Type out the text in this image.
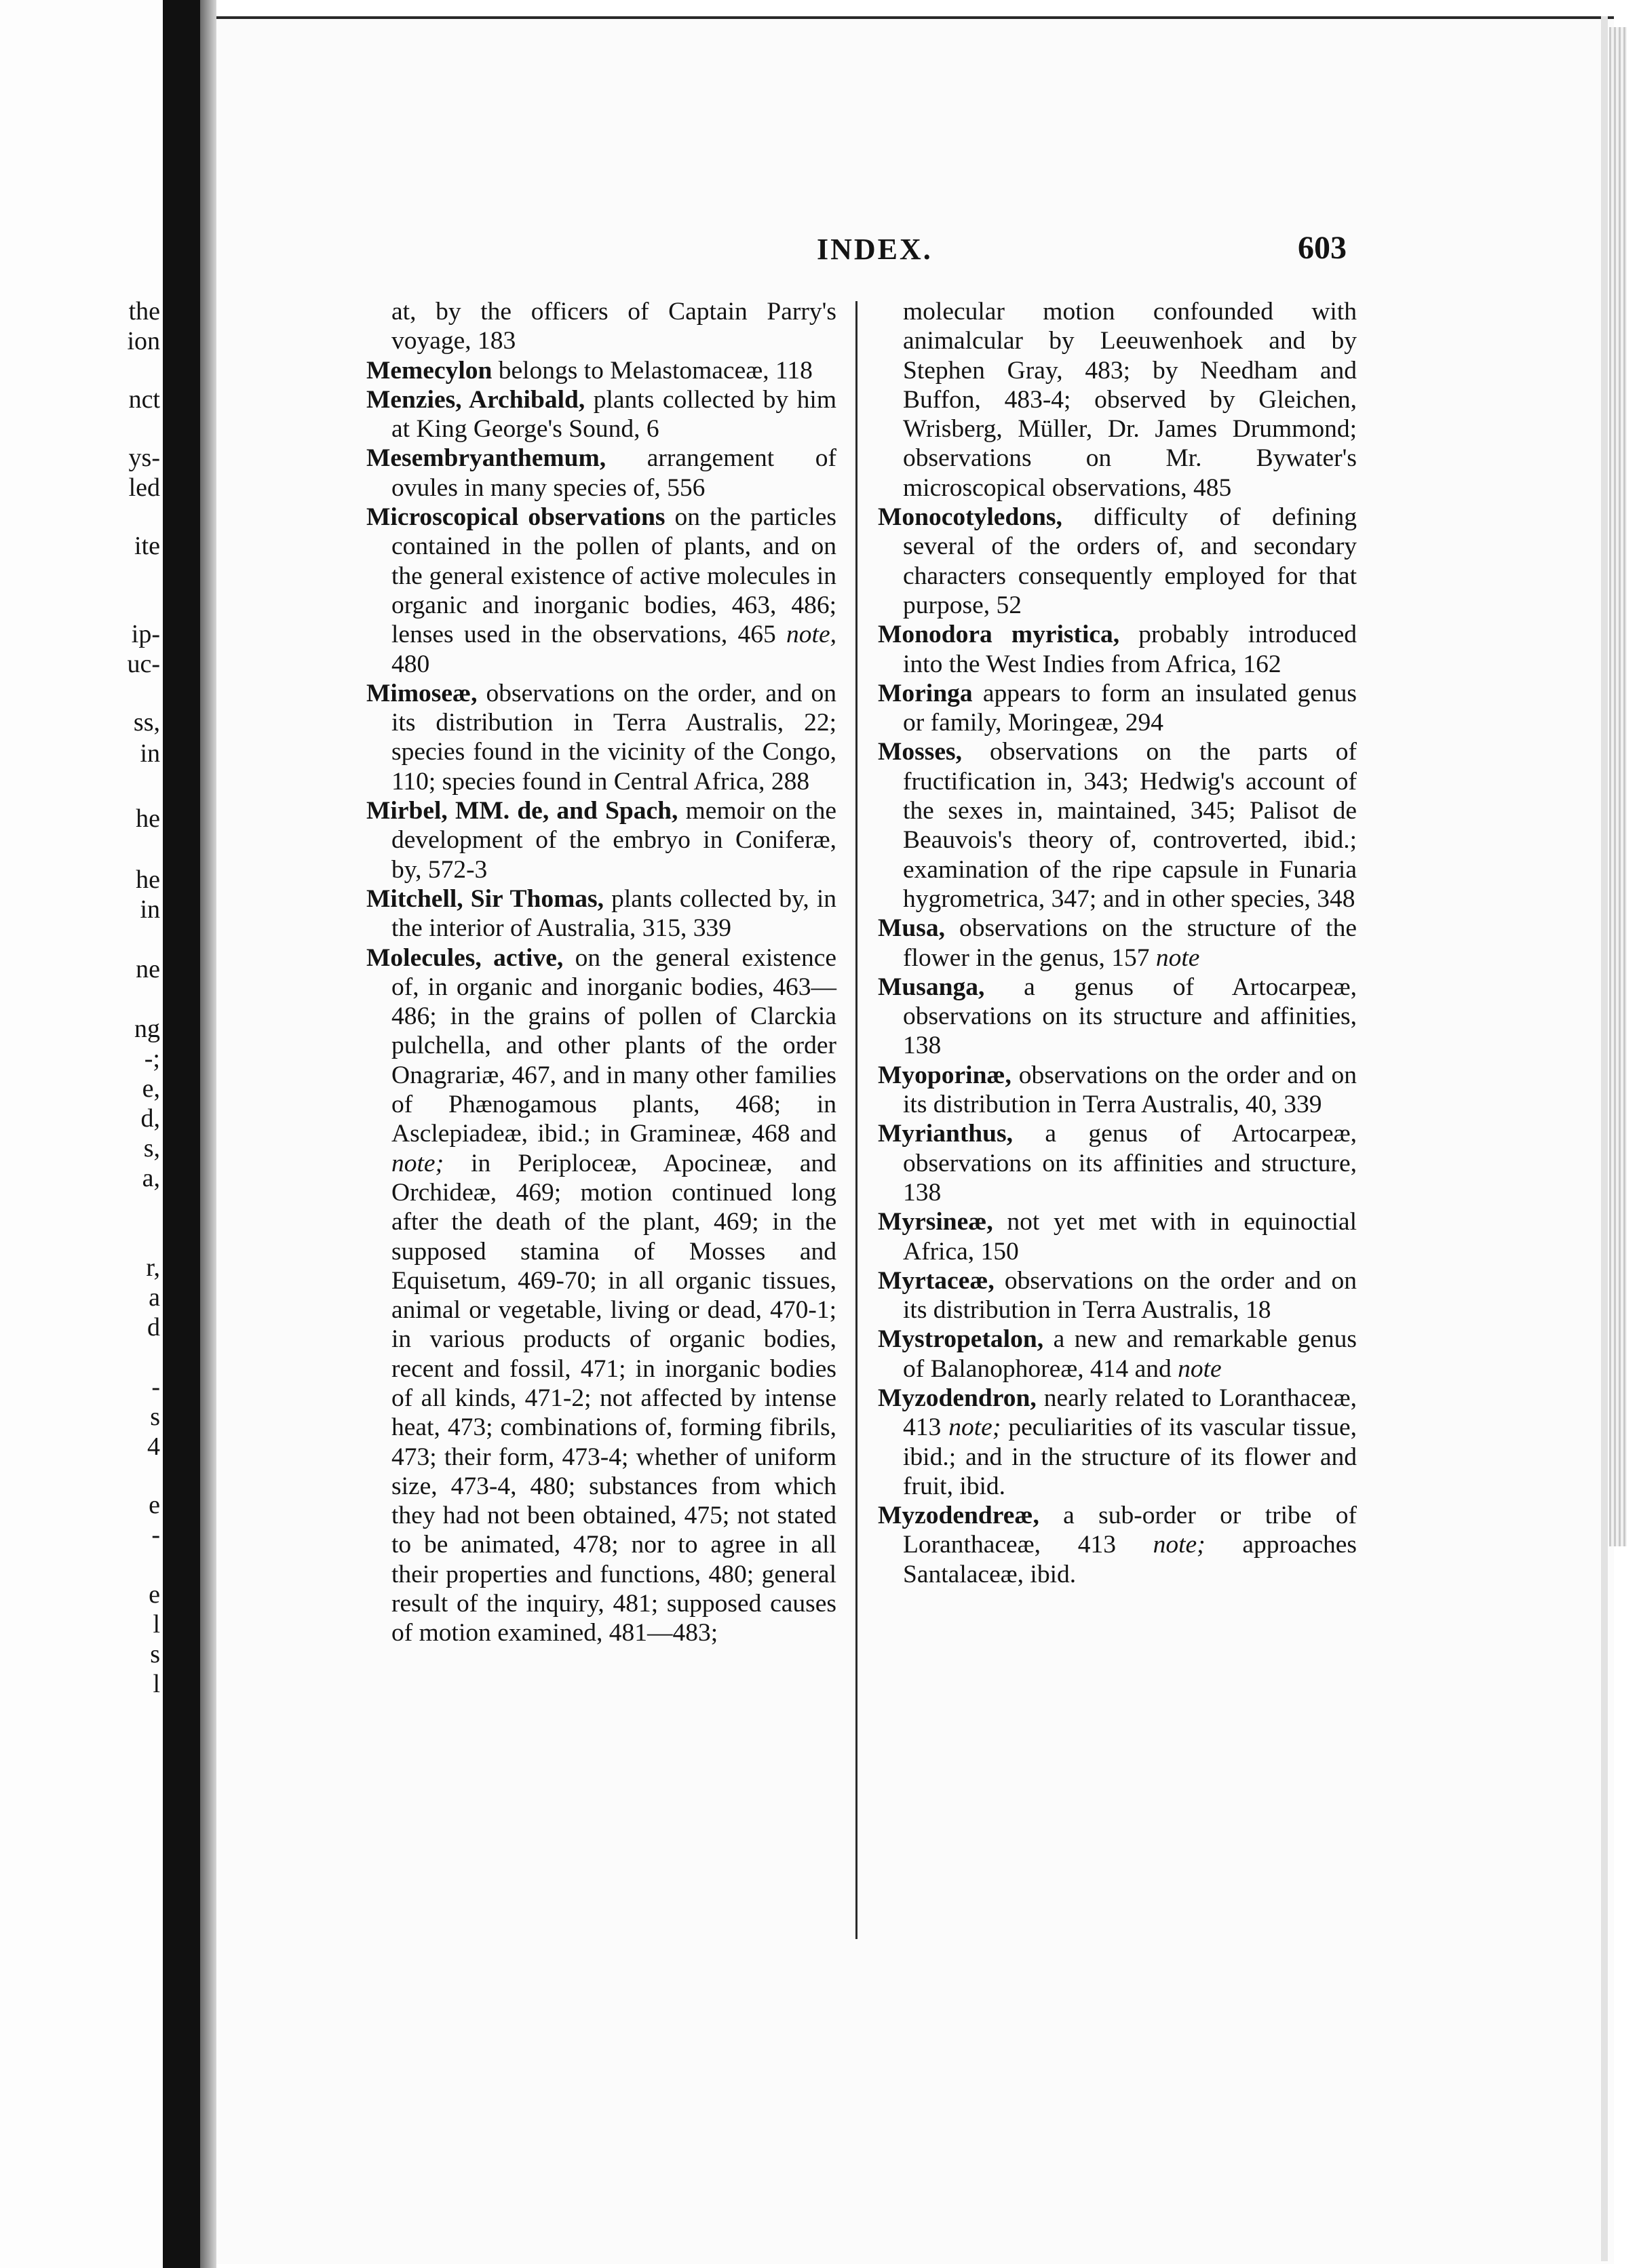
the
ion
nct
ys-
led
ite
ip-
uc-
ss,
in
he
he
in
ne
ng
-;
e,
d,
s,
a,
r,
a
d
-
s
4
e
-
e
l
s
l
INDEX.	603

at, by the officers of Captain Parry's voyage, 183

Memecylon belongs to Melastomaceæ, 118

Menzies, Archibald, plants collected by him at King George's Sound, 6

Mesembryanthemum, arrangement of ovules in many species of, 556

Microscopical observations on the particles contained in the pollen of plants, and on the general existence of active molecules in organic and inorganic bodies, 463, 486; lenses used in the observations, 465 note, 480

Mimoseæ, observations on the order, and on its distribution in Terra Australis, 22; species found in the vicinity of the Congo, 110; species found in Central Africa, 288

Mirbel, MM. de, and Spach, memoir on the development of the embryo in Coniferæ, by, 572-3

Mitchell, Sir Thomas, plants collected by, in the interior of Australia, 315, 339

Molecules, active, on the general existence of, in organic and inorganic bodies, 463—486; in the grains of pollen of Clarckia pulchella, and other plants of the order Onagrariæ, 467, and in many other families of Phænogamous plants, 468; in Asclepiadeæ, ibid.; in Gramineæ, 468 and note; in Periploceæ, Apocineæ, and Orchideæ, 469; motion continued long after the death of the plant, 469; in the supposed stamina of Mosses and Equisetum, 469-70; in all organic tissues, animal or vegetable, living or dead, 470-1; in various products of organic bodies, recent and fossil, 471; in inorganic bodies of all kinds, 471-2; not affected by intense heat, 473; combinations of, forming fibrils, 473; their form, 473-4; whether of uniform size, 473-4, 480; substances from which they had not been obtained, 475; not stated to be animated, 478; nor to agree in all their properties and functions, 480; general result of the inquiry, 481; supposed causes of motion examined, 481—483;

molecular motion confounded with animalcular by Leeuwenhoek and by Stephen Gray, 483; by Needham and Buffon, 483-4; observed by Gleichen, Wrisberg, Müller, Dr. James Drummond; observations on Mr. Bywater's microscopical observations, 485

Monocotyledons, difficulty of defining several of the orders of, and secondary characters consequently employed for that purpose, 52

Monodora myristica, probably introduced into the West Indies from Africa, 162

Moringa appears to form an insulated genus or family, Moringeæ, 294

Mosses, observations on the parts of fructification in, 343; Hedwig's account of the sexes in, maintained, 345; Palisot de Beauvois's theory of, controverted, ibid.; examination of the ripe capsule in Funaria hygrometrica, 347; and in other species, 348

Musa, observations on the structure of the flower in the genus, 157 note

Musanga, a genus of Artocarpeæ, observations on its structure and affinities, 138

Myoporinæ, observations on the order and on its distribution in Terra Australis, 40, 339

Myrianthus, a genus of Artocarpeæ, observations on its affinities and structure, 138

Myrsineæ, not yet met with in equinoctial Africa, 150

Myrtaceæ, observations on the order and on its distribution in Terra Australis, 18

Mystropetalon, a new and remarkable genus of Balanophoreæ, 414 and note

Myzodendron, nearly related to Loranthaceæ, 413 note; peculiarities of its vascular tissue, ibid.; and in the structure of its flower and fruit, ibid.

Myzodendreæ, a sub-order or tribe of Loranthaceæ, 413 note; approaches Santalaceæ, ibid.
